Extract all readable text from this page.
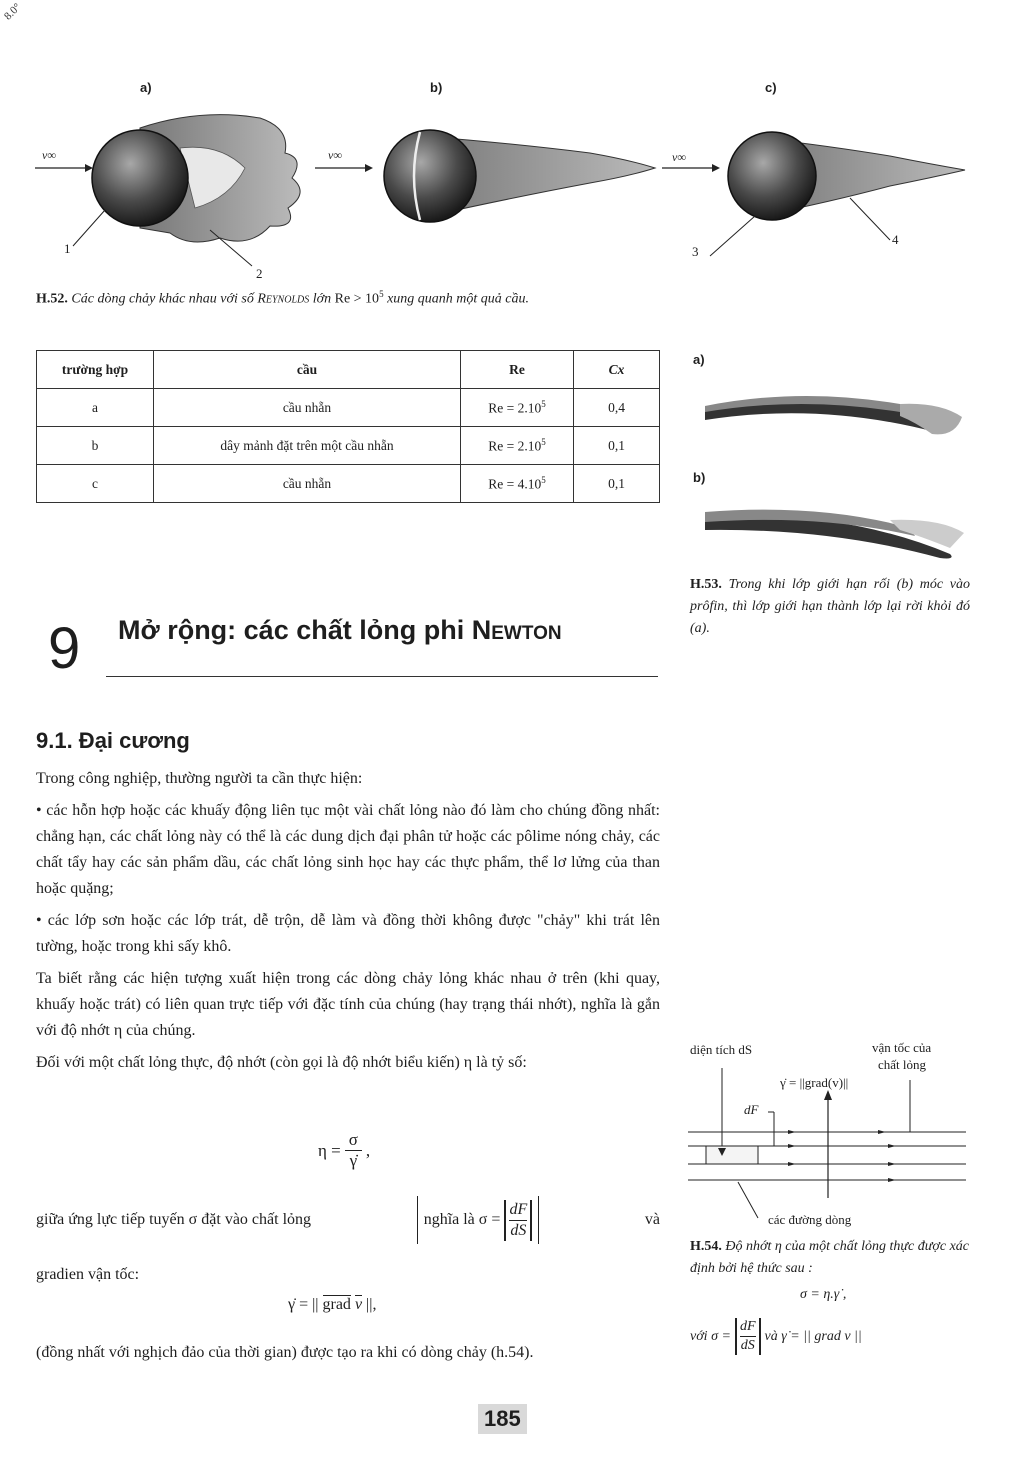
8.0°
a)	b)	c)
v∞	v∞	v∞
1
2
3
4
H.52. Các dòng chảy khác nhau với số Reynolds lớn $Re > 10^5$ xung quanh một quả cầu.
trường hợp	cầu	Re	Cx
a	cầu nhẵn	$Re = 2.10^5$	0,4
b	dây mảnh đặt trên một cầu nhẵn	$Re = 2.10^5$	0,1
c	cầu nhẵn	$Re = 4.10^5$	0,1
a)
b)
H.53. Trong khi lớp giới hạn rối (b) móc vào prôfin, thì lớp giới hạn thành lớp lại rời khỏi đó (a).
9 Mở rộng: các chất lỏng phi Newton
9.1. Đại cương

Trong công nghiệp, thường người ta cần thực hiện:

• các hỗn hợp hoặc các khuấy động liên tục một vài chất lỏng nào đó làm cho chúng đồng nhất: chẳng hạn, các chất lỏng này có thể là các dung dịch đại phân tử hoặc các pôlime nóng chảy, các chất tẩy hay các sản phẩm dầu, các chất lỏng sinh học hay các thực phẩm, thể lơ lửng của than hoặc quặng;

• các lớp sơn hoặc các lớp trát, dễ trộn, dễ làm và đồng thời không được "chảy" khi trát lên tường, hoặc trong khi sấy khô.

Ta biết rằng các hiện tượng xuất hiện trong các dòng chảy lỏng khác nhau ở trên (khi quay, khuấy hoặc trát) có liên quan trực tiếp với đặc tính của chúng (hay trạng thái nhớt), nghĩa là gắn với độ nhớt η của chúng.

Đối với một chất lỏng thực, độ nhớt (còn gọi là độ nhớt biểu kiến) η là tỷ số:

$\eta = \frac{\sigma}{\gammȧ}$ ,
giữa ứng lực tiếp tuyến σ đặt vào chất lỏng	nghĩa là $\sigma = \frac{dF}{dS}$	và
gradien vận tốc:
γ̇ = || grad v ||,
(đồng nhất với nghịch đảo của thời gian) được tạo ra khi có dòng chảy (h.54).
diện tích dS	vận tốc của
chất lỏng
γ̇ = ||grad(v)||
dF
các đường dòng
H.54. Độ nhớt η của một chất lỏng thực được xác định bởi hệ thức sau :
σ = η.γ̇ ,
với $\sigma = \frac{dF}{dS}$ và γ̇ = || grad v ||
185
